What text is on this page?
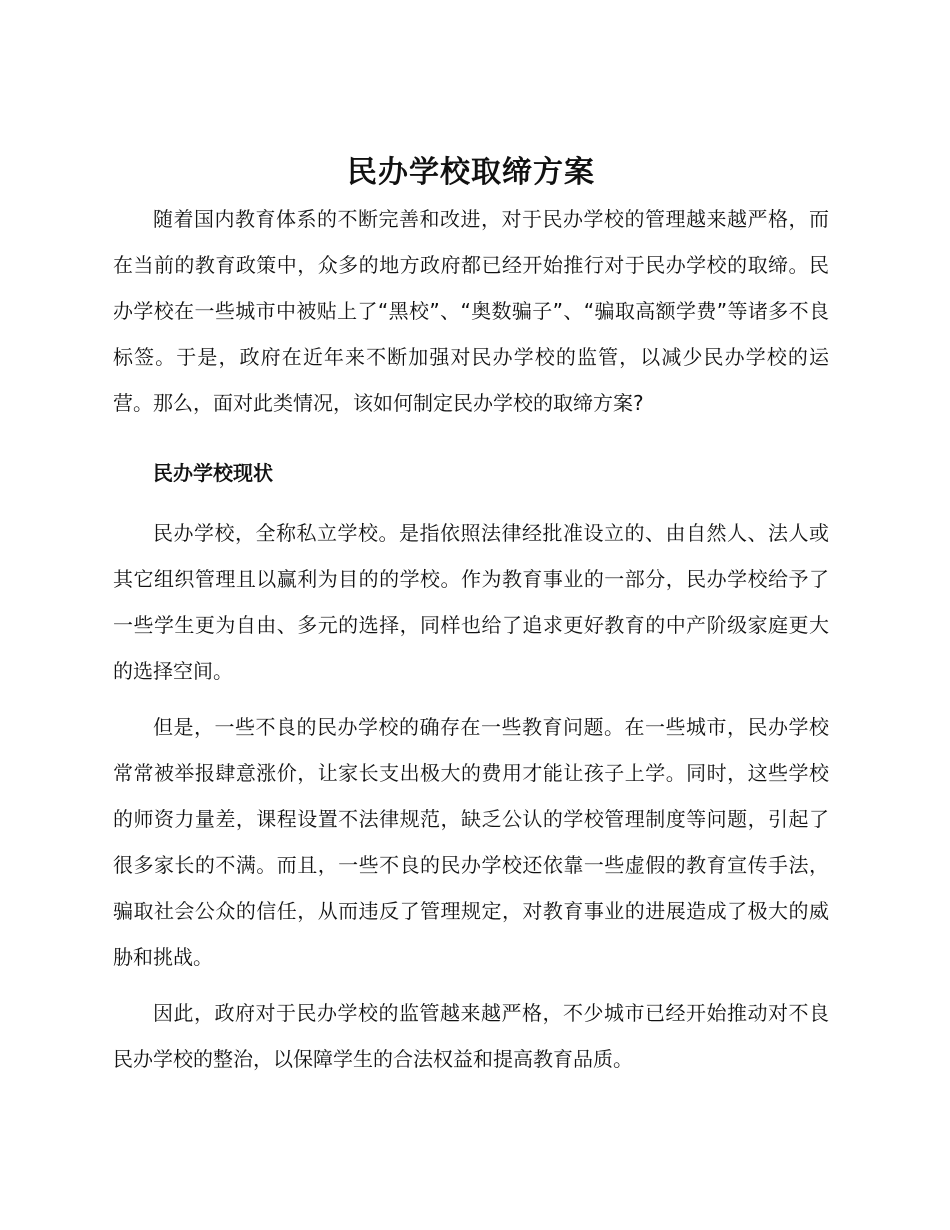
民办学校取缔方案

随着国内教育体系的不断完善和改进，对于民办学校的管理越来越严格，而在当前的教育政策中，众多的地方政府都已经开始推行对于民办学校的取缔。民办学校在一些城市中被贴上了“黑校”、“奥数骗子”、“骗取高额学费”等诸多不良标签。于是，政府在近年来不断加强对民办学校的监管，以减少民办学校的运营。那么，面对此类情况，该如何制定民办学校的取缔方案?

民办学校现状

民办学校，全称私立学校。是指依照法律经批准设立的、由自然人、法人或其它组织管理且以赢利为目的的学校。作为教育事业的一部分，民办学校给予了一些学生更为自由、多元的选择，同样也给了追求更好教育的中产阶级家庭更大的选择空间。

但是，一些不良的民办学校的确存在一些教育问题。在一些城市，民办学校常常被举报肆意涨价，让家长支出极大的费用才能让孩子上学。同时，这些学校的师资力量差，课程设置不法律规范，缺乏公认的学校管理制度等问题，引起了很多家长的不满。而且，一些不良的民办学校还依靠一些虚假的教育宣传手法，骗取社会公众的信任，从而违反了管理规定，对教育事业的进展造成了极大的威胁和挑战。

因此，政府对于民办学校的监管越来越严格，不少城市已经开始推动对不良民办学校的整治，以保障学生的合法权益和提高教育品质。
